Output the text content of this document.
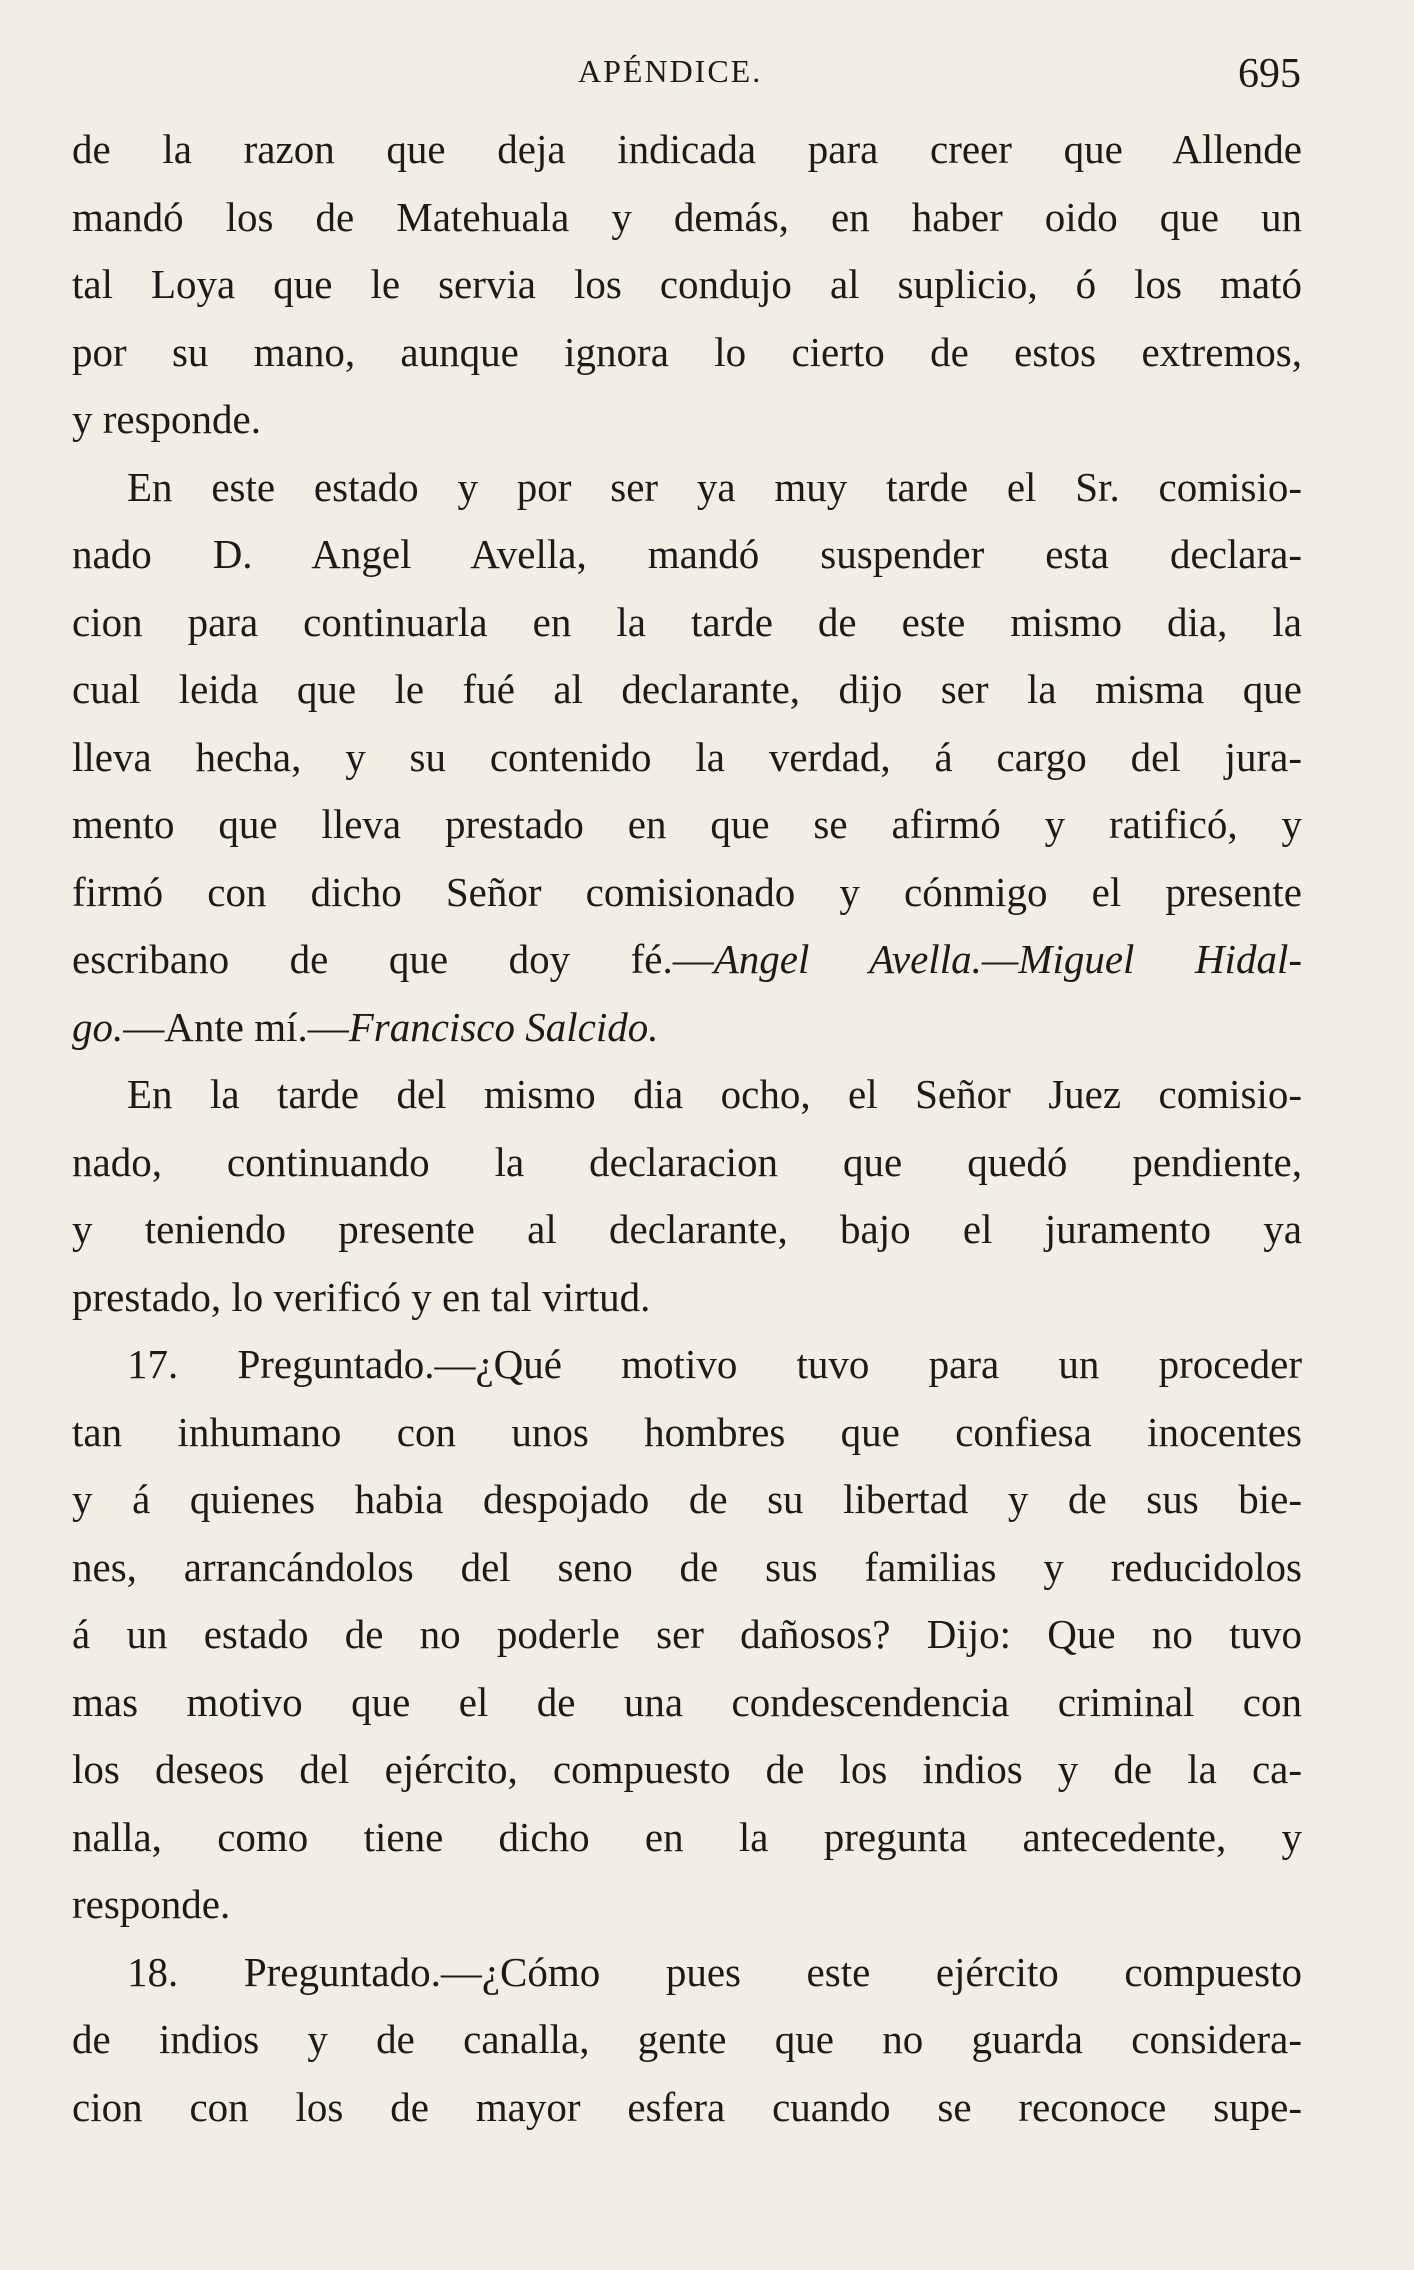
APÉNDICE.	695

de la razon que deja indicada para creer que Allende
mandó los de Matehuala y demás, en haber oido que un
tal Loya que le servia los condujo al suplicio, ó los mató
por su mano, aunque ignora lo cierto de estos extremos,
y responde.

En este estado y por ser ya muy tarde el Sr. comisio-
nado D. Angel Avella, mandó suspender esta declara-
cion para continuarla en la tarde de este mismo dia, la
cual leida que le fué al declarante, dijo ser la misma que
lleva hecha, y su contenido la verdad, á cargo del jura-
mento que lleva prestado en que se afirmó y ratificó, y
firmó con dicho Señor comisionado y cónmigo el presente
escribano de que doy fé.—Angel Avella.—Miguel Hidal-
go.—Ante mí.—Francisco Salcido.

En la tarde del mismo dia ocho, el Señor Juez comisio-
nado, continuando la declaracion que quedó pendiente,
y teniendo presente al declarante, bajo el juramento ya
prestado, lo verificó y en tal virtud.

17. Preguntado.—¿Qué motivo tuvo para un proceder
tan inhumano con unos hombres que confiesa inocentes
y á quienes habia despojado de su libertad y de sus bie-
nes, arrancándolos del seno de sus familias y reducidolos
á un estado de no poderle ser dañosos? Dijo: Que no tuvo
mas motivo que el de una condescendencia criminal con
los deseos del ejército, compuesto de los indios y de la ca-
nalla, como tiene dicho en la pregunta antecedente, y
responde.

18. Preguntado.—¿Cómo pues este ejército compuesto
de indios y de canalla, gente que no guarda considera-
cion con los de mayor esfera cuando se reconoce supe-
